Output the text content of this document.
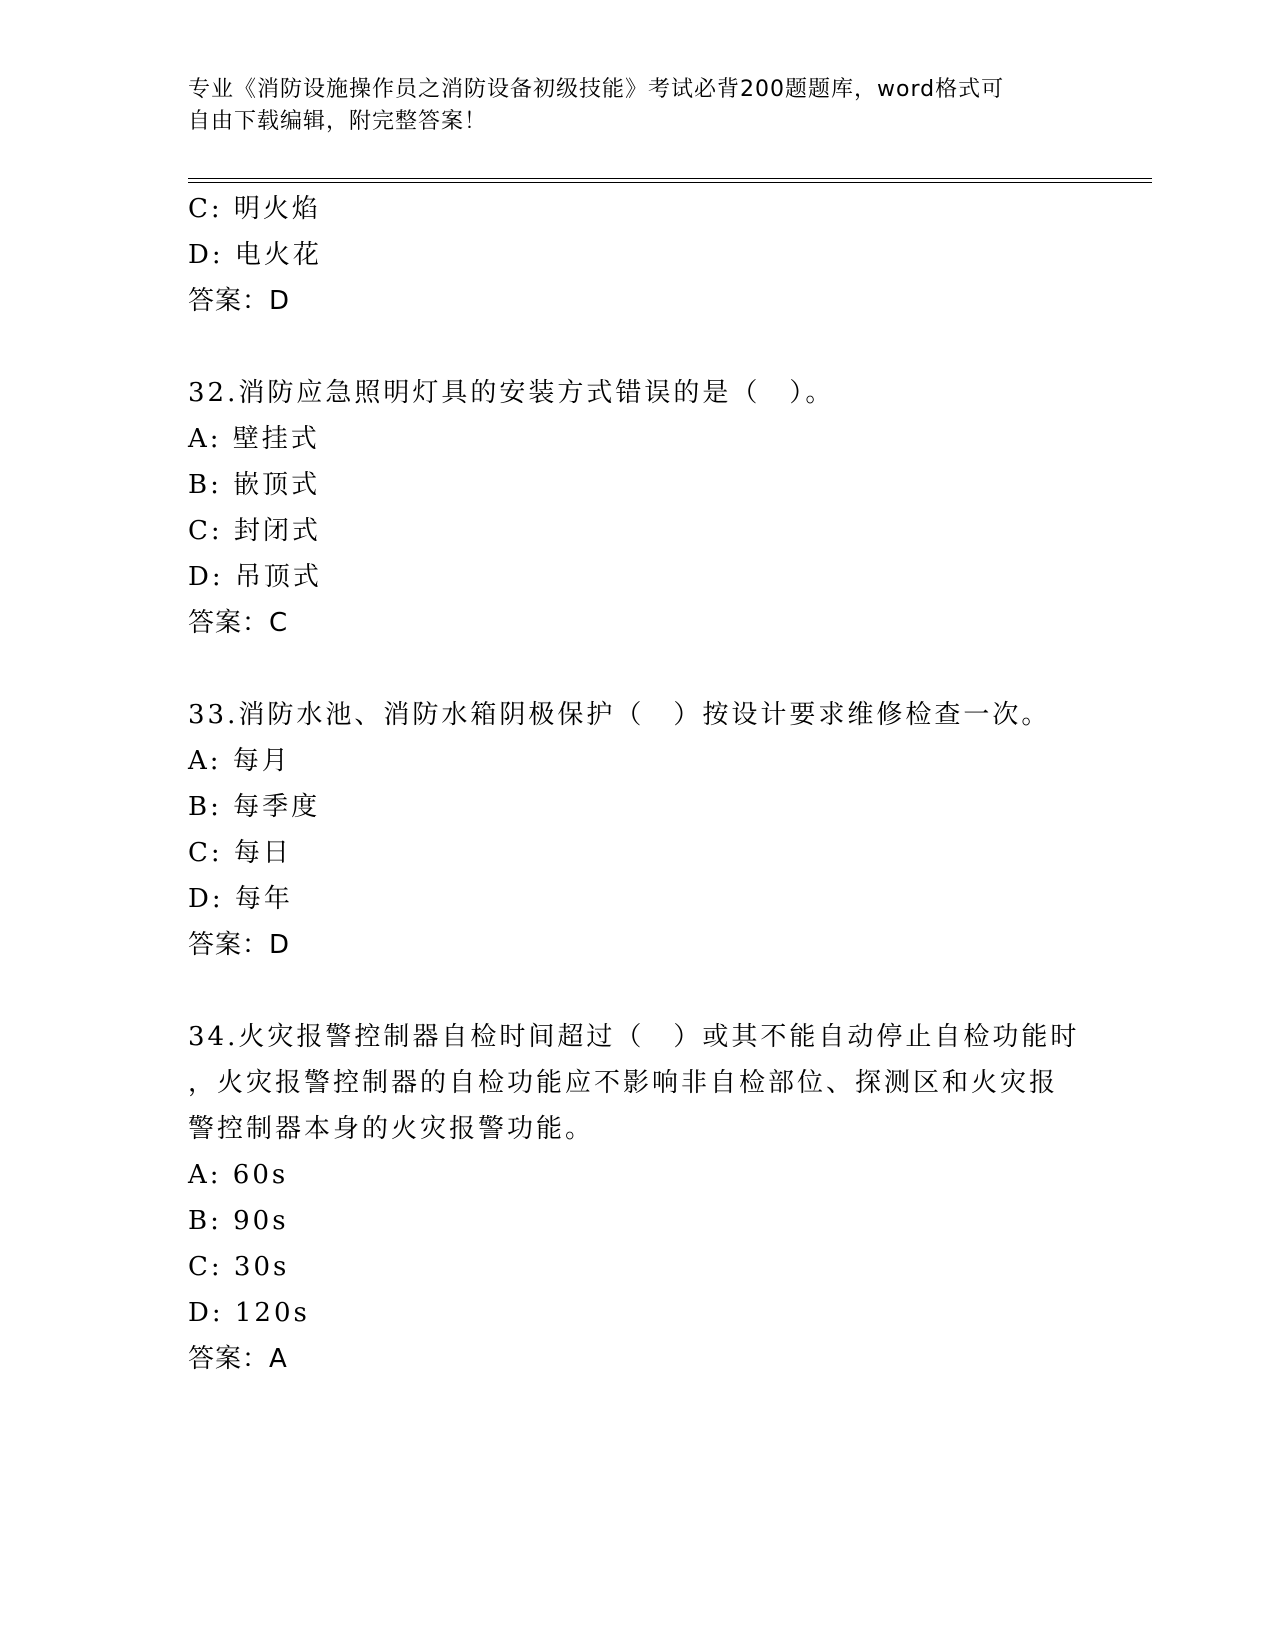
专业《消防设施操作员之消防设备初级技能》考试必背200题题库，word格式可
自由下载编辑，附完整答案！
C: 明火焰
D: 电火花
答案：D
32.消防应急照明灯具的安装方式错误的是（　）。
A: 壁挂式
B: 嵌顶式
C: 封闭式
D: 吊顶式
答案：C
33.消防水池、消防水箱阴极保护（　）按设计要求维修检查一次。
A: 每月
B: 每季度
C: 每日
D: 每年
答案：D
34.火灾报警控制器自检时间超过（　）或其不能自动停止自检功能时
，火灾报警控制器的自检功能应不影响非自检部位、探测区和火灾报
警控制器本身的火灾报警功能。
A: 60s
B: 90s
C: 30s
D: 120s
答案：A
